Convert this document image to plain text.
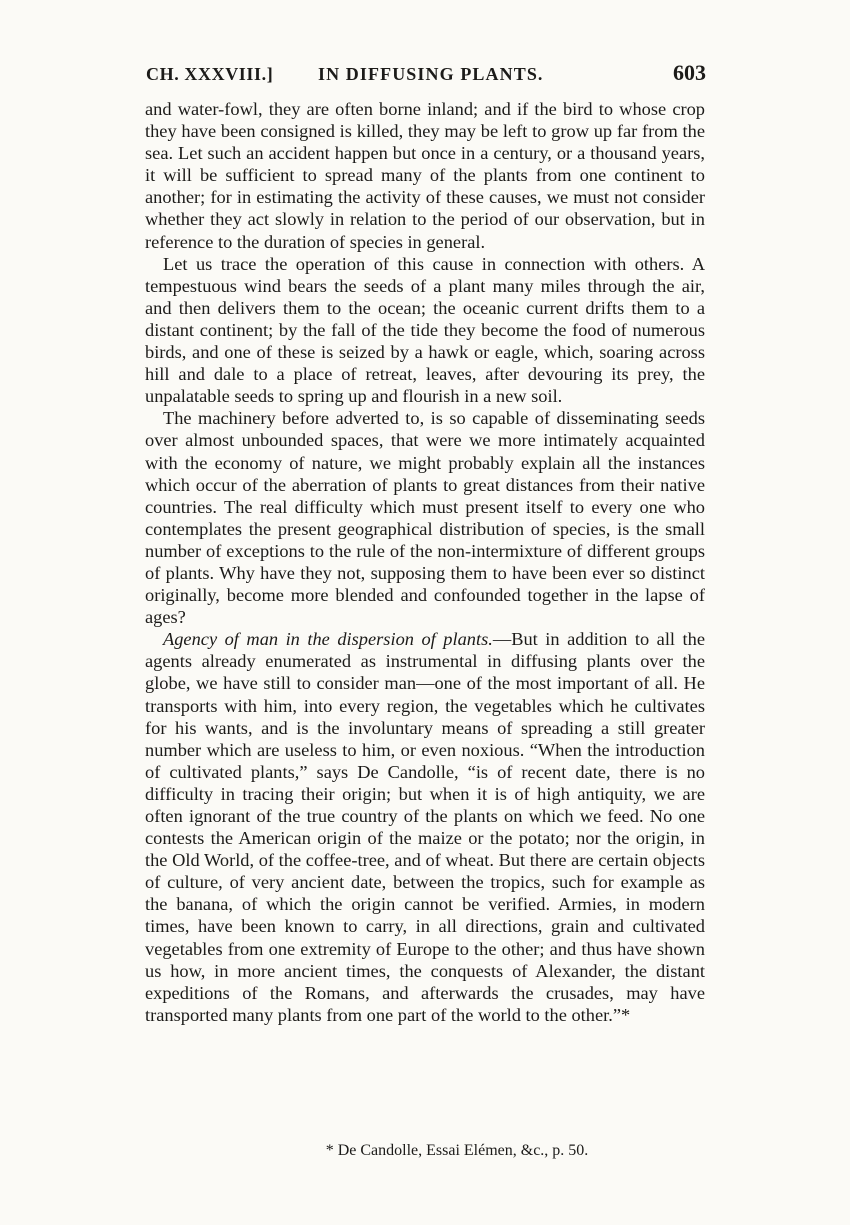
CH. XXXVIII.] IN DIFFUSING PLANTS.	603

and water-fowl, they are often borne inland; and if the bird to whose crop they have been consigned is killed, they may be left to grow up far from the sea. Let such an accident happen but once in a century, or a thousand years, it will be sufficient to spread many of the plants from one continent to another; for in estimating the activity of these causes, we must not consider whether they act slowly in relation to the period of our observation, but in reference to the duration of species in general.

Let us trace the operation of this cause in connection with others. A tempestuous wind bears the seeds of a plant many miles through the air, and then delivers them to the ocean; the oceanic current drifts them to a distant continent; by the fall of the tide they become the food of numerous birds, and one of these is seized by a hawk or eagle, which, soaring across hill and dale to a place of retreat, leaves, after devouring its prey, the unpalatable seeds to spring up and flourish in a new soil.

The machinery before adverted to, is so capable of disseminating seeds over almost unbounded spaces, that were we more intimately acquainted with the economy of nature, we might probably explain all the instances which occur of the aberration of plants to great distances from their native countries. The real difficulty which must present itself to every one who contemplates the present geographical distribution of species, is the small number of exceptions to the rule of the non-intermixture of different groups of plants. Why have they not, supposing them to have been ever so distinct originally, become more blended and confounded together in the lapse of ages?

Agency of man in the dispersion of plants.—But in addition to all the agents already enumerated as instrumental in diffusing plants over the globe, we have still to consider man—one of the most important of all. He transports with him, into every region, the vegetables which he cultivates for his wants, and is the involuntary means of spreading a still greater number which are useless to him, or even noxious. “When the introduction of cultivated plants,” says De Candolle, “is of recent date, there is no difficulty in tracing their origin; but when it is of high antiquity, we are often ignorant of the true country of the plants on which we feed. No one contests the American origin of the maize or the potato; nor the origin, in the Old World, of the coffee-tree, and of wheat. But there are certain objects of culture, of very ancient date, between the tropics, such for example as the banana, of which the origin cannot be verified. Armies, in modern times, have been known to carry, in all directions, grain and cultivated vegetables from one extremity of Europe to the other; and thus have shown us how, in more ancient times, the conquests of Alexander, the distant expeditions of the Romans, and afterwards the crusades, may have transported many plants from one part of the world to the other.”*

* De Candolle, Essai Elémen, &c., p. 50.
